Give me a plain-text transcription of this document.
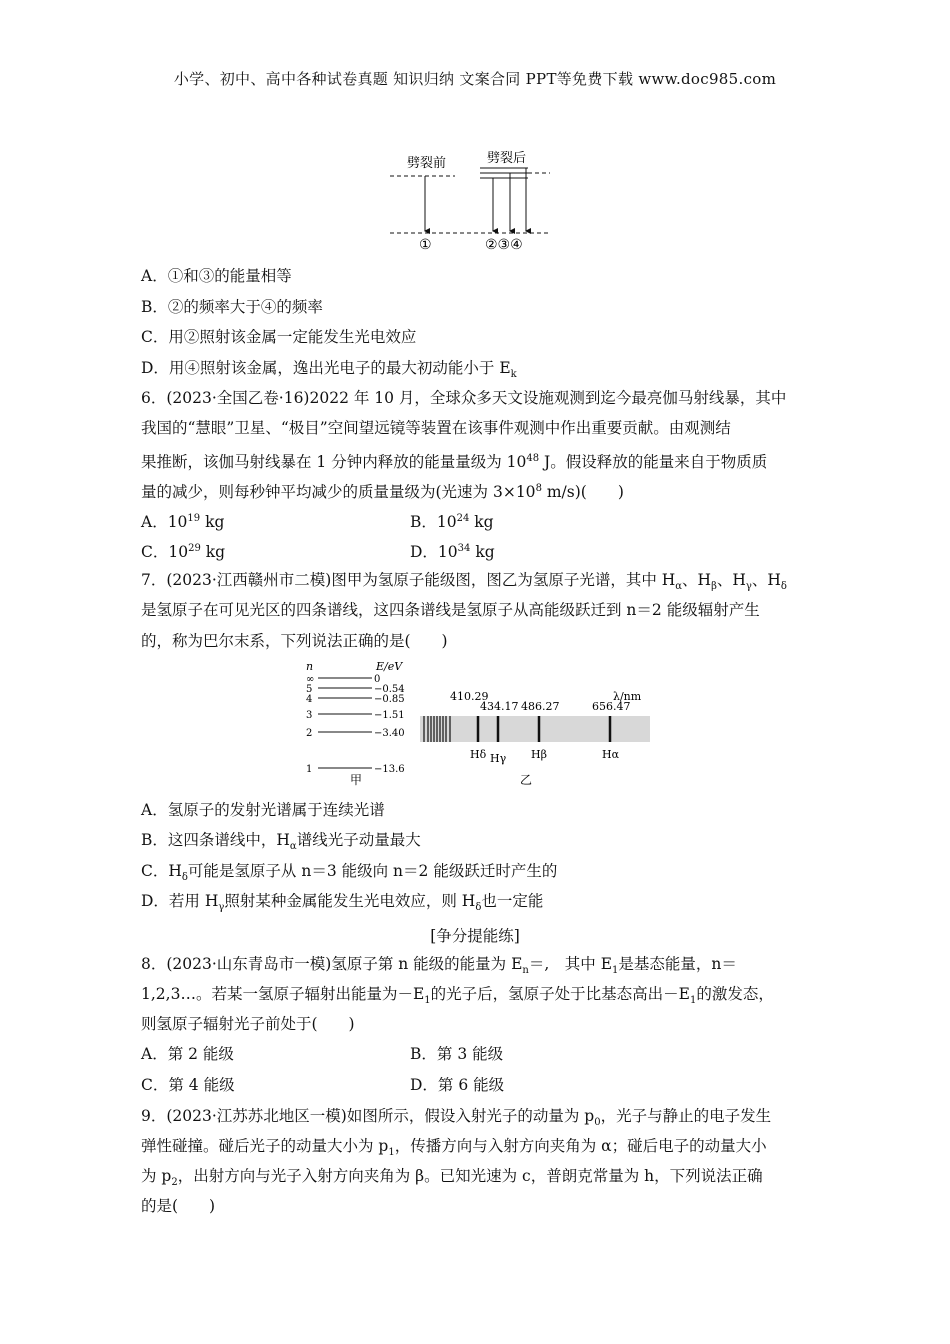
小学、初中、高中各种试卷真题 知识归纳 文案合同 PPT等免费下载 www.doc985.com
劈裂前	劈裂后
①	②③④
A．①和③的能量相等
B．②的频率大于④的频率
C．用②照射该金属一定能发生光电效应
D．用④照射该金属，逸出光电子的最大初动能小于 $E_k$
6．(2023·全国乙卷·16)2022 年 10 月，全球众多天文设施观测到迄今最亮伽马射线暴，其中
我国的“慧眼”卫星、“极目”空间望远镜等装置在该事件观测中作出重要贡献。由观测结
果推断，该伽马射线暴在 1 分钟内释放的能量量级为 $10^{48}$ J。假设释放的能量来自于物质质
量的减少，则每秒钟平均减少的质量量级为(光速为 $3\times 10^8$ m/s)(　　)
A．$10^{19}$ kg	B．$10^{24}$ kg
C．$10^{29}$ kg	D．$10^{34}$ kg
7．(2023·江西赣州市二模)图甲为氢原子能级图，图乙为氢原子光谱，其中 $H_\alpha$、$H_\beta$、$H_\gamma$、$H_\delta$
是氢原子在可见光区的四条谱线，这四条谱线是氢原子从高能级跃迁到 n＝2 能级辐射产生
的，称为巴尔末系，下列说法正确的是(　　)
n	E/eV
∞	0
5	−0.54
4	−0.85
3	−1.51
2	−3.40
1	−13.6
甲
410.29
Hδ
434.17
Hγ
486.27
Hβ
656.47
Hα
λ/nm
乙
A．氢原子的发射光谱属于连续光谱
B．这四条谱线中，$H_\alpha$谱线光子动量最大
C．$H_\delta$可能是氢原子从 n＝3 能级向 n＝2 能级跃迁时产生的
D．若用 $H_\gamma$照射某种金属能发生光电效应，则 $H_\delta$也一定能
[争分提能练]
8．(2023·山东青岛市一模)氢原子第 n 能级的能量为 $E_n=$,　其中 $E_1$是基态能量，n＝
1,2,3…。若某一氢原子辐射出能量为$-E_1$的光子后，氢原子处于比基态高出$-E_1$的激发态，
则氢原子辐射光子前处于(　　)
A．第 2 能级	B．第 3 能级
C．第 4 能级	D．第 6 能级
9．(2023·江苏苏北地区一模)如图所示，假设入射光子的动量为 $p_0$，光子与静止的电子发生
弹性碰撞。碰后光子的动量大小为 $p_1$，传播方向与入射方向夹角为 α；碰后电子的动量大小
为 $p_2$，出射方向与光子入射方向夹角为 β。已知光速为 c，普朗克常量为 h，下列说法正确
的是(　　)
